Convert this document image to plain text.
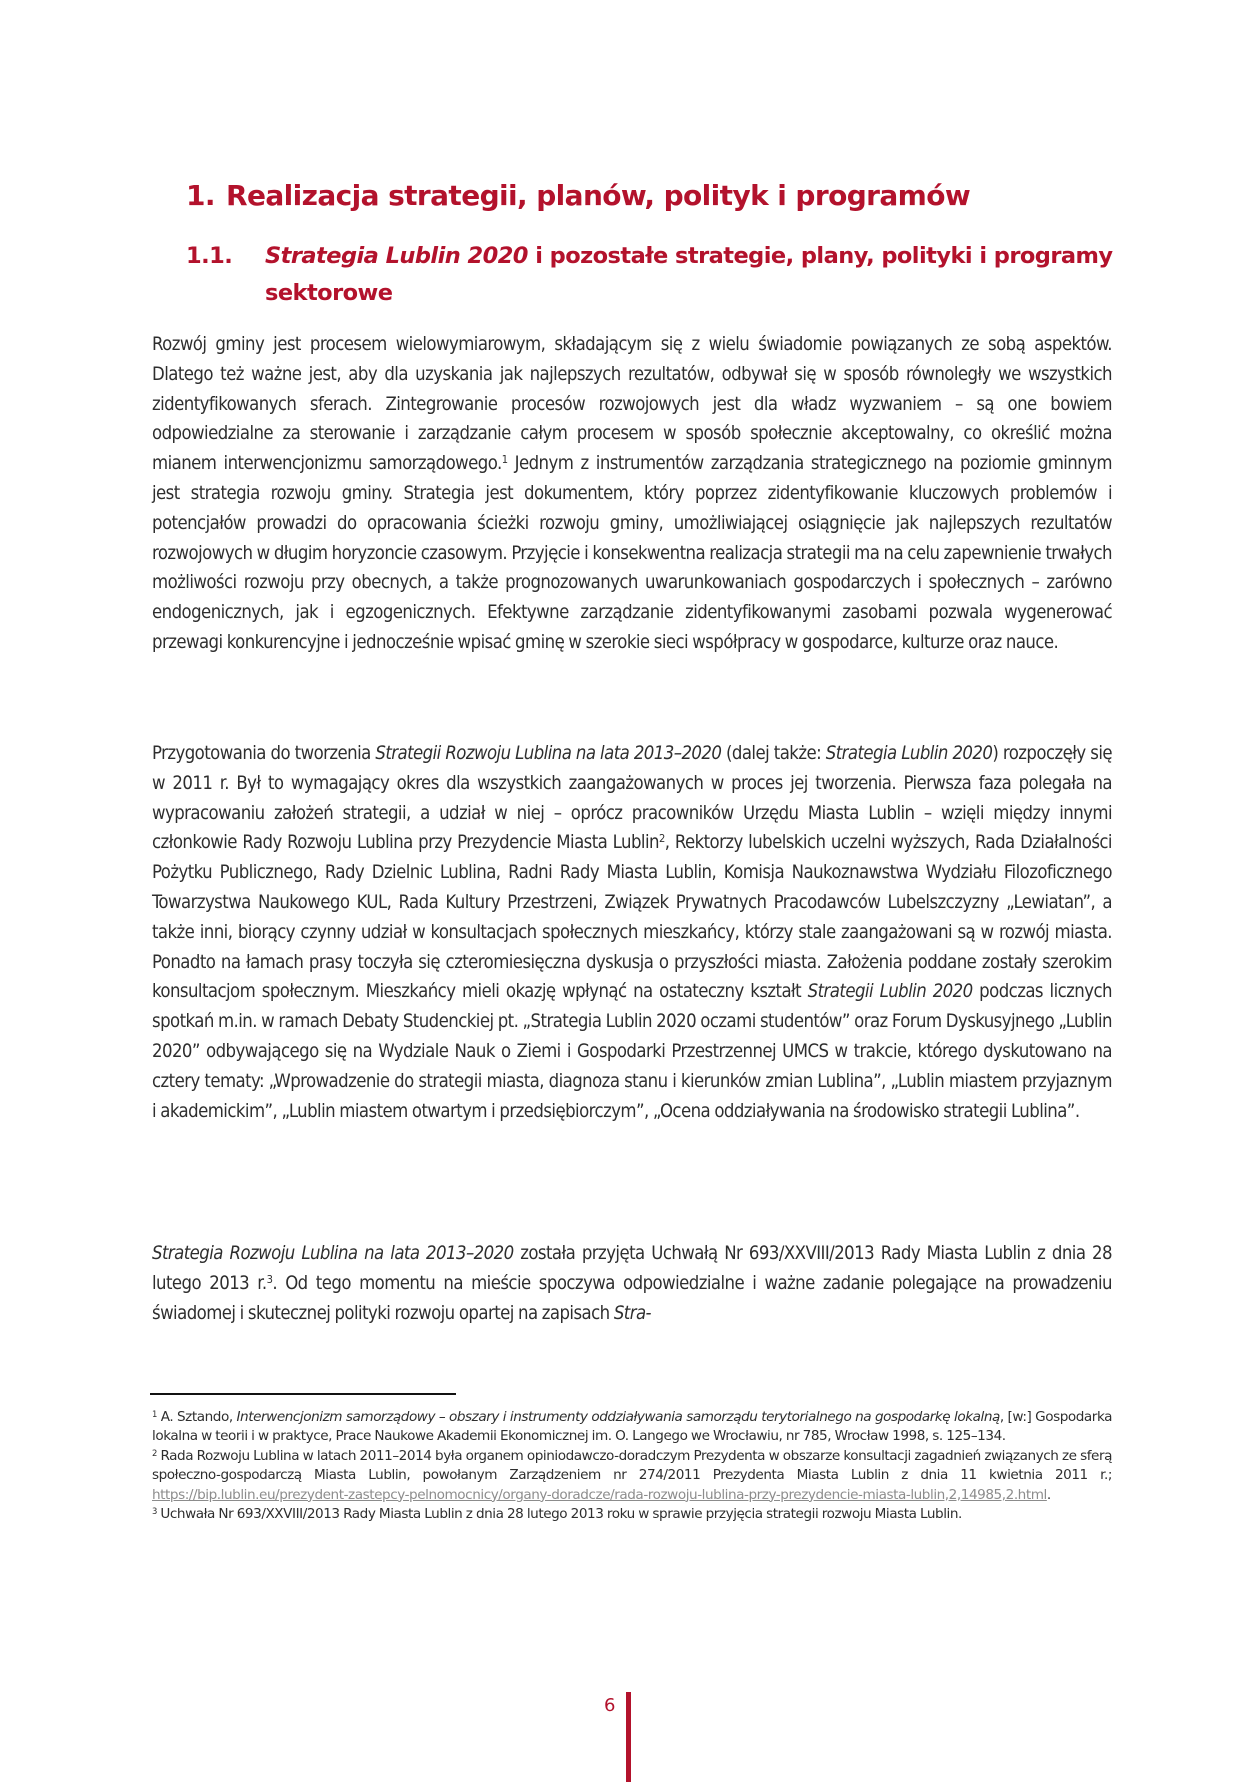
1. Realizacja strategii, planów, polityk i programów
1.1. Strategia Lublin 2020 i pozostałe strategie, plany, polityki i programy sektorowe

Rozwój gminy jest procesem wielowymiarowym, składającym się z wielu świadomie powiązanych ze sobą aspektów. Dlatego też ważne jest, aby dla uzyskania jak najlepszych rezultatów, odbywał się w sposób równoległy we wszystkich zidentyfikowanych sferach. Zintegrowanie procesów rozwojowych jest dla władz wyzwaniem – są one bowiem odpowiedzialne za sterowanie i zarządzanie całym procesem w sposób społecznie akceptowalny, co określić można mianem interwencjonizmu samorządowego.$^1$ Jednym z instrumentów zarządzania strategicznego na poziomie gminnym jest strategia rozwoju gminy. Strategia jest dokumentem, który poprzez zidentyfikowanie kluczowych problemów i potencjałów prowadzi do opracowania ścieżki rozwoju gminy, umożliwiającej osiągnięcie jak najlepszych rezultatów rozwojowych w długim horyzoncie czasowym. Przyjęcie i konsekwentna realizacja strategii ma na celu zapewnienie trwałych możliwości rozwoju przy obecnych, a także prognozowanych uwarunkowaniach gospodarczych i społecznych – zarówno endogenicznych, jak i egzogenicznych. Efektywne zarządzanie zidentyfikowanymi zasobami pozwala wygenerować przewagi konkurencyjne i jednocześnie wpisać gminę w szerokie sieci współpracy w gospodarce, kulturze oraz nauce.

Przygotowania do tworzenia Strategii Rozwoju Lublina na lata 2013–2020 (dalej także: Strategia Lublin 2020) rozpoczęły się w 2011 r. Był to wymagający okres dla wszystkich zaangażowanych w proces jej tworzenia. Pierwsza faza polegała na wypracowaniu założeń strategii, a udział w niej – oprócz pracowników Urzędu Miasta Lublin – wzięli między innymi członkowie Rady Rozwoju Lublina przy Prezydencie Miasta Lublin$^2$, Rektorzy lubelskich uczelni wyższych, Rada Działalności Pożytku Publicznego, Rady Dzielnic Lublina, Radni Rady Miasta Lublin, Komisja Naukoznawstwa Wydziału Filozoficznego Towarzystwa Naukowego KUL, Rada Kultury Przestrzeni, Związek Prywatnych Pracodawców Lubelszczyzny „Lewiatan”, a także inni, biorący czynny udział w konsultacjach społecznych mieszkańcy, którzy stale zaangażowani są w rozwój miasta. Ponadto na łamach prasy toczyła się czteromiesięczna dyskusja o przyszłości miasta. Założenia poddane zostały szerokim konsultacjom społecznym. Mieszkańcy mieli okazję wpłynąć na ostateczny kształt Strategii Lublin 2020 podczas licznych spotkań m.in. w ramach Debaty Studenckiej pt. „Strategia Lublin 2020 oczami studentów” oraz Forum Dyskusyjnego „Lublin 2020” odbywającego się na Wydziale Nauk o Ziemi i Gospodarki Przestrzennej UMCS w trakcie, którego dyskutowano na cztery tematy: „Wprowadzenie do strategii miasta, diagnoza stanu i kierunków zmian Lublina”, „Lublin miastem przyjaznym i akademickim”, „Lublin miastem otwartym i przedsiębiorczym”, „Ocena oddziaływania na środowisko strategii Lublina”.

Strategia Rozwoju Lublina na lata 2013–2020 została przyjęta Uchwałą Nr 693/XXVIII/2013 Rady Miasta Lublin z dnia 28 lutego 2013 r.$^3$. Od tego momentu na mieście spoczywa odpowiedzialne i ważne zadanie polegające na prowadzeniu świadomej i skutecznej polityki rozwoju opartej na zapisach Stra-

$^1$ A. Sztando, Interwencjonizm samorządowy – obszary i instrumenty oddziaływania samorządu terytorialnego na gospodarkę lokalną, [w:] Gospodarka lokalna w teorii i w praktyce, Prace Naukowe Akademii Ekonomicznej im. O. Langego we Wrocławiu, nr 785, Wrocław 1998, s. 125–134.

$^2$ Rada Rozwoju Lublina w latach 2011–2014 była organem opiniodawczo-doradczym Prezydenta w obszarze konsultacji zagadnień związanych ze sferą społeczno-gospodarczą Miasta Lublin, powołanym Zarządzeniem nr 274/2011 Prezydenta Miasta Lublin z dnia 11 kwietnia 2011 r.; https://bip.lublin.eu/prezydent-zastepcy-pelnomocnicy/organy-doradcze/rada-rozwoju-lublina-przy-prezydencie-miasta-lublin,2,14985,2.html.

$^3$ Uchwała Nr 693/XXVIII/2013 Rady Miasta Lublin z dnia 28 lutego 2013 roku w sprawie przyjęcia strategii rozwoju Miasta Lublin.

6
